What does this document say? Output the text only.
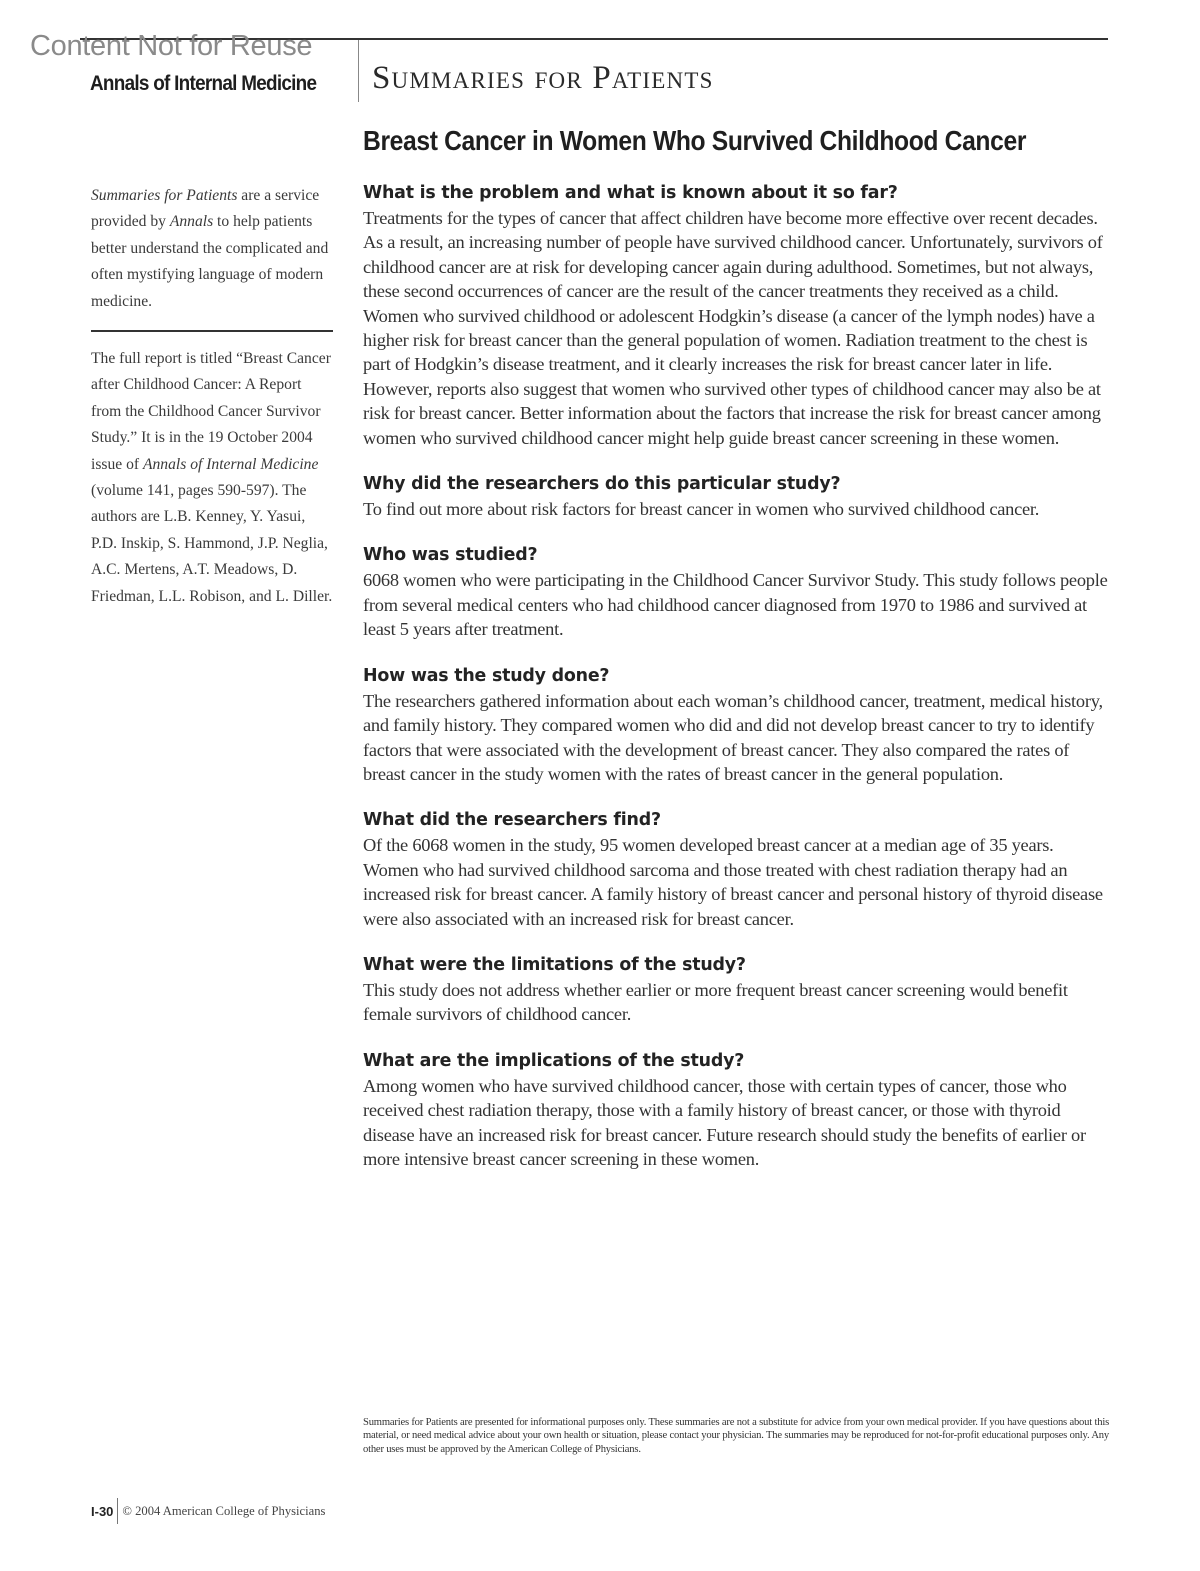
Content Not for Reuse
Annals of Internal Medicine Summaries for Patients
Breast Cancer in Women Who Survived Childhood Cancer

Summaries for Patients are a service provided by Annals to help patients better understand the complicated and often mystifying language of modern medicine.

The full report is titled “Breast Cancer after Childhood Cancer: A Report from the Childhood Cancer Survivor Study.” It is in the 19 October 2004 issue of Annals of Internal Medicine (volume 141, pages 590-597). The authors are L.B. Kenney, Y. Yasui, P.D. Inskip, S. Hammond, J.P. Neglia, A.C. Mertens, A.T. Meadows, D. Friedman, L.L. Robison, and L. Diller.

What is the problem and what is known about it so far?

Treatments for the types of cancer that affect children have become more effective over recent decades. As a result, an increasing number of people have survived childhood cancer. Unfortunately, survivors of childhood cancer are at risk for developing cancer again during adulthood. Sometimes, but not always, these second occurrences of cancer are the result of the cancer treatments they received as a child. Women who survived childhood or adolescent Hodgkin’s disease (a cancer of the lymph nodes) have a higher risk for breast cancer than the general population of women. Radiation treatment to the chest is part of Hodgkin’s disease treatment, and it clearly increases the risk for breast cancer later in life. However, reports also suggest that women who survived other types of childhood cancer may also be at risk for breast cancer. Better information about the factors that increase the risk for breast cancer among women who survived childhood cancer might help guide breast cancer screening in these women.

Why did the researchers do this particular study?

To find out more about risk factors for breast cancer in women who survived childhood cancer.

Who was studied?

6068 women who were participating in the Childhood Cancer Survivor Study. This study follows people from several medical centers who had childhood cancer diagnosed from 1970 to 1986 and survived at least 5 years after treatment.

How was the study done?

The researchers gathered information about each woman’s childhood cancer, treatment, medical history, and family history. They compared women who did and did not develop breast cancer to try to identify factors that were associated with the development of breast cancer. They also compared the rates of breast cancer in the study women with the rates of breast cancer in the general population.

What did the researchers find?

Of the 6068 women in the study, 95 women developed breast cancer at a median age of 35 years. Women who had survived childhood sarcoma and those treated with chest radiation therapy had an increased risk for breast cancer. A family history of breast cancer and personal history of thyroid disease were also associated with an increased risk for breast cancer.

What were the limitations of the study?

This study does not address whether earlier or more frequent breast cancer screening would benefit female survivors of childhood cancer.

What are the implications of the study?

Among women who have survived childhood cancer, those with certain types of cancer, those who received chest radiation therapy, those with a family history of breast cancer, or those with thyroid disease have an increased risk for breast cancer. Future research should study the benefits of earlier or more intensive breast cancer screening in these women.

Summaries for Patients are presented for informational purposes only. These summaries are not a substitute for advice from your own medical provider. If you have questions about this material, or need medical advice about your own health or situation, please contact your physician. The summaries may be reproduced for not-for-profit educational purposes only. Any other uses must be approved by the American College of Physicians.
I-30 © 2004 American College of Physicians
